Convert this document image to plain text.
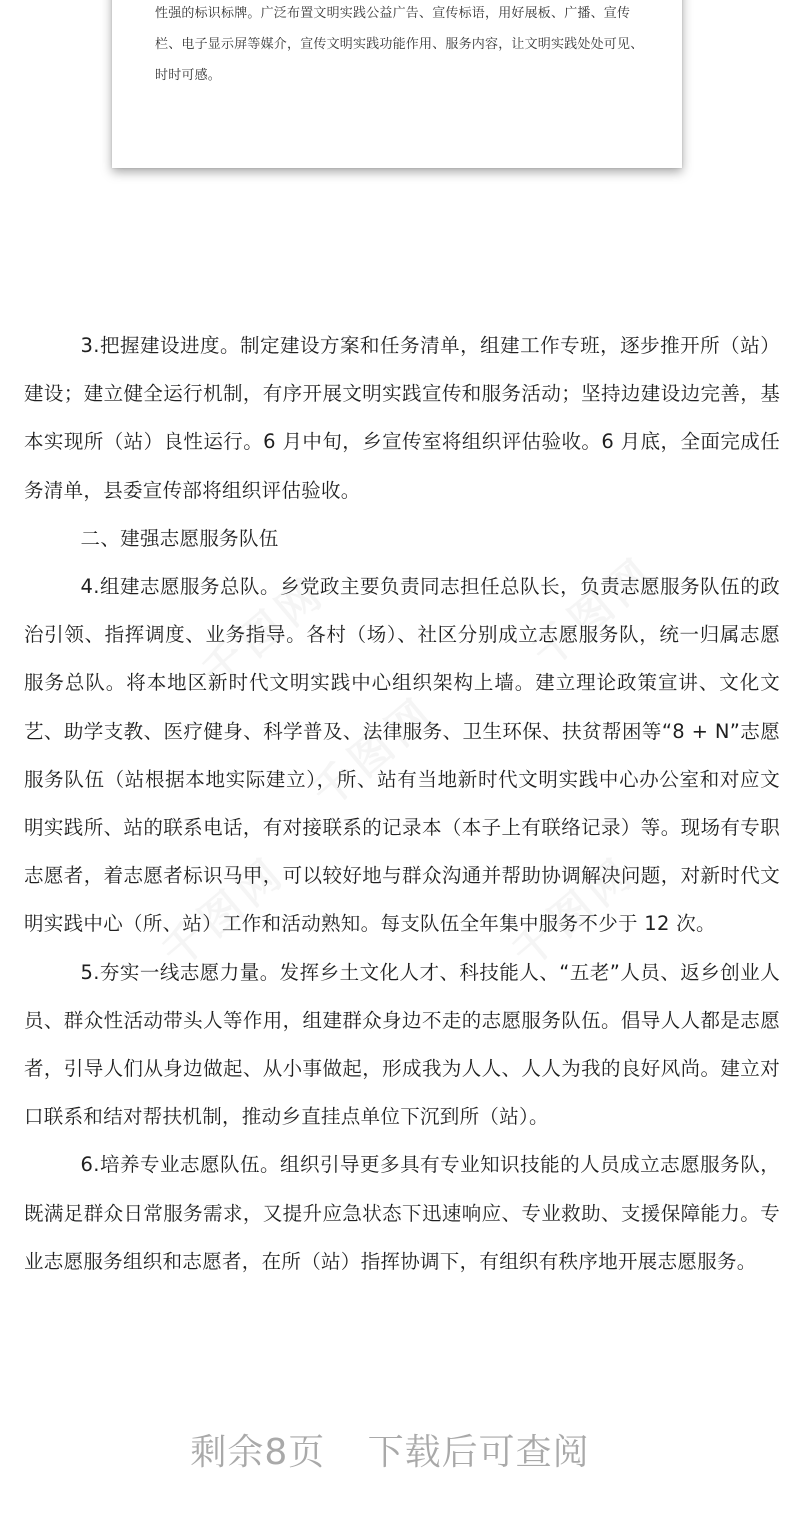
性强的标识标牌。广泛布置文明实践公益广告、宣传标语，用好展板、广播、宣传
栏、电子显示屏等媒介，宣传文明实践功能作用、服务内容，让文明实践处处可见、
时时可感。

千图网	千图网
千图网
千图网	千图网

3.把握建设进度。制定建设方案和任务清单，组建工作专班，逐步推开所（站）建设；建立健全运行机制，有序开展文明实践宣传和服务活动；坚持边建设边完善，基本实现所（站）良性运行。6 月中旬，乡宣传室将组织评估验收。6 月底，全面完成任务清单，县委宣传部将组织评估验收。

二、建强志愿服务队伍

4.组建志愿服务总队。乡党政主要负责同志担任总队长，负责志愿服务队伍的政治引领、指挥调度、业务指导。各村（场）、社区分别成立志愿服务队，统一归属志愿服务总队。将本地区新时代文明实践中心组织架构上墙。建立理论政策宣讲、文化文艺、助学支教、医疗健身、科学普及、法律服务、卫生环保、扶贫帮困等“8 + N”志愿服务队伍（站根据本地实际建立），所、站有当地新时代文明实践中心办公室和对应文明实践所、站的联系电话，有对接联系的记录本（本子上有联络记录）等。现场有专职志愿者，着志愿者标识马甲，可以较好地与群众沟通并帮助协调解决问题，对新时代文明实践中心（所、站）工作和活动熟知。每支队伍全年集中服务不少于 12 次。

5.夯实一线志愿力量。发挥乡土文化人才、科技能人、“五老”人员、返乡创业人员、群众性活动带头人等作用，组建群众身边不走的志愿服务队伍。倡导人人都是志愿者，引导人们从身边做起、从小事做起，形成我为人人、人人为我的良好风尚。建立对口联系和结对帮扶机制，推动乡直挂点单位下沉到所（站）。

6.培养专业志愿队伍。组织引导更多具有专业知识技能的人员成立志愿服务队，既满足群众日常服务需求，又提升应急状态下迅速响应、专业救助、支援保障能力。专业志愿服务组织和志愿者，在所（站）指挥协调下，有组织有秩序地开展志愿服务。

剩余8页 下载后可查阅
